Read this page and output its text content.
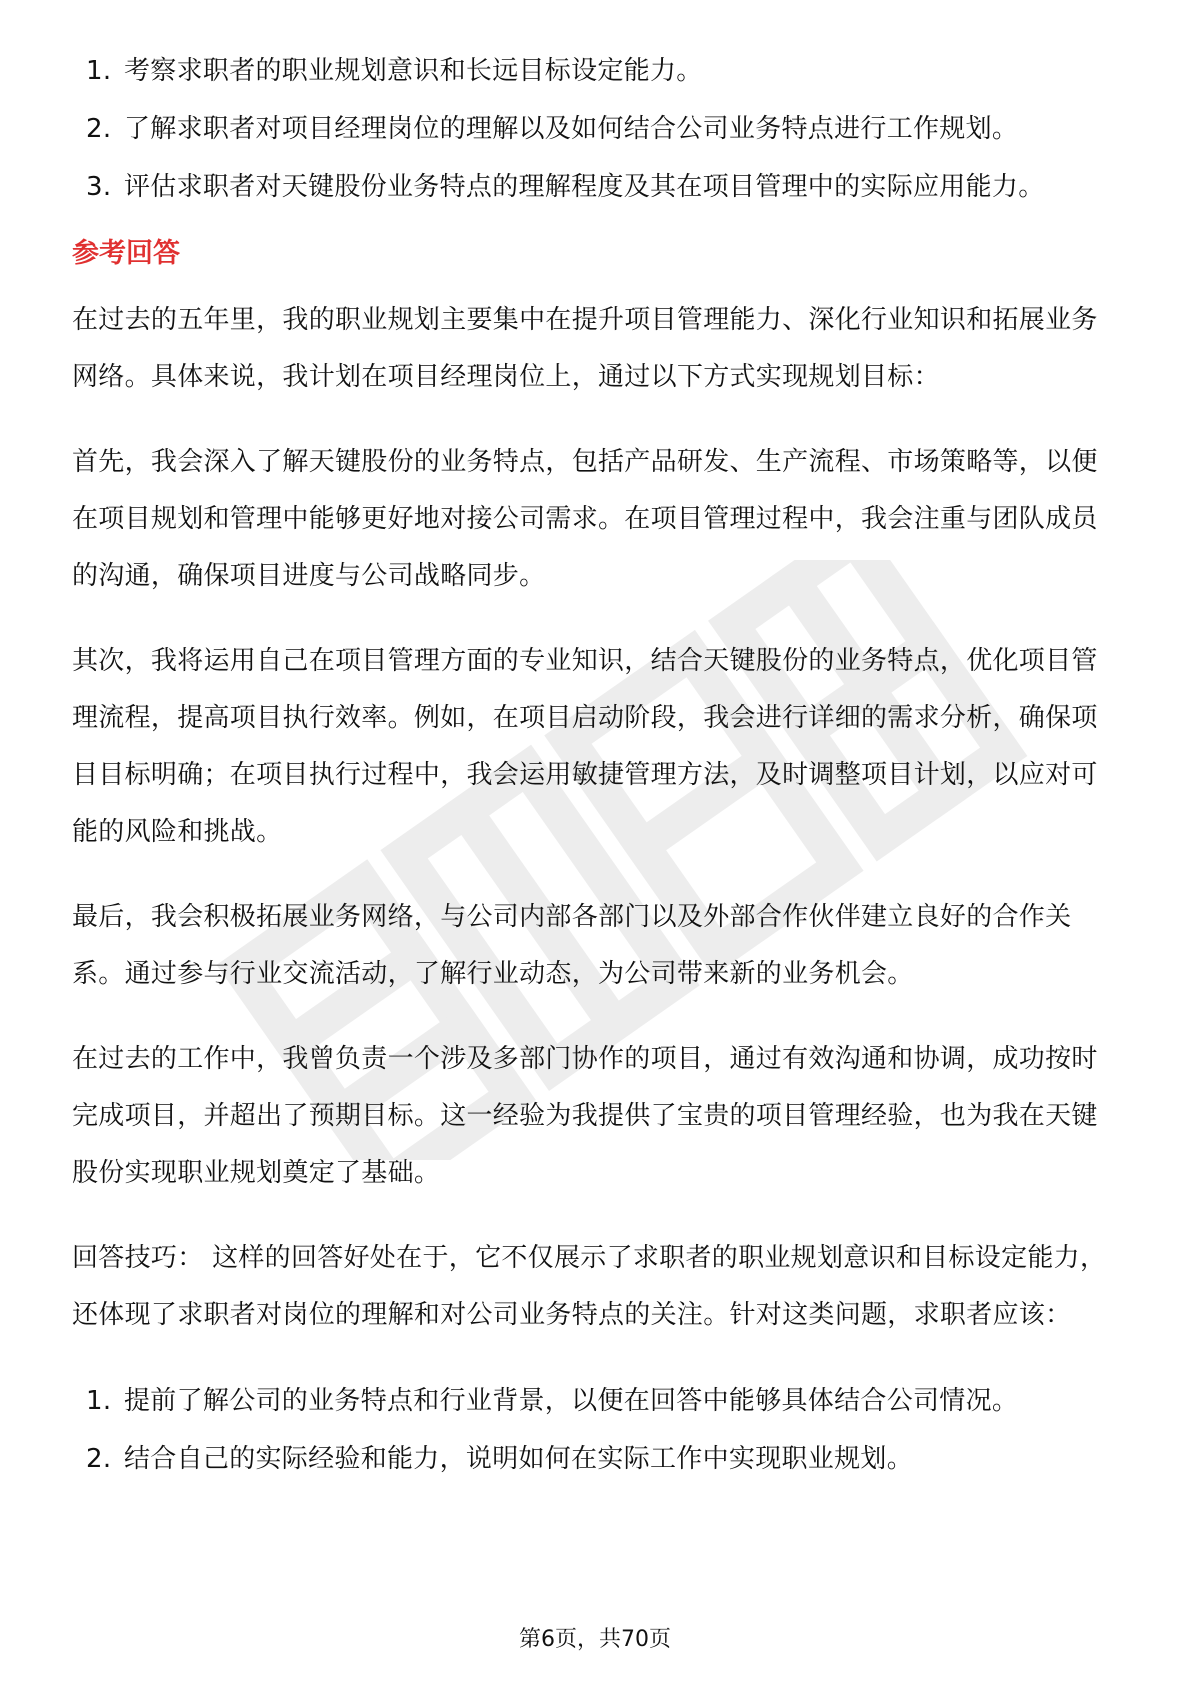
1. 考察求职者的职业规划意识和长远目标设定能力。
2. 了解求职者对项目经理岗位的理解以及如何结合公司业务特点进行工作规划。
3. 评估求职者对天键股份业务特点的理解程度及其在项目管理中的实际应用能力。
参考回答

在过去的五年里，我的职业规划主要集中在提升项目管理能力、深化行业知识和拓展业务网络。具体来说，我计划在项目经理岗位上，通过以下方式实现规划目标：

首先，我会深入了解天键股份的业务特点，包括产品研发、生产流程、市场策略等，以便在项目规划和管理中能够更好地对接公司需求。在项目管理过程中，我会注重与团队成员的沟通，确保项目进度与公司战略同步。

其次，我将运用自己在项目管理方面的专业知识，结合天键股份的业务特点，优化项目管理流程，提高项目执行效率。例如，在项目启动阶段，我会进行详细的需求分析，确保项目目标明确；在项目执行过程中，我会运用敏捷管理方法，及时调整项目计划，以应对可能的风险和挑战。

最后，我会积极拓展业务网络，与公司内部各部门以及外部合作伙伴建立良好的合作关系。通过参与行业交流活动，了解行业动态，为公司带来新的业务机会。

在过去的工作中，我曾负责一个涉及多部门协作的项目，通过有效沟通和协调，成功按时完成项目，并超出了预期目标。这一经验为我提供了宝贵的项目管理经验，也为我在天键股份实现职业规划奠定了基础。

回答技巧： 这样的回答好处在于，它不仅展示了求职者的职业规划意识和目标设定能力，还体现了求职者对岗位的理解和对公司业务特点的关注。针对这类问题，求职者应该：

1. 提前了解公司的业务特点和行业背景，以便在回答中能够具体结合公司情况。
2. 结合自己的实际经验和能力，说明如何在实际工作中实现职业规划。
第6页，共70页
